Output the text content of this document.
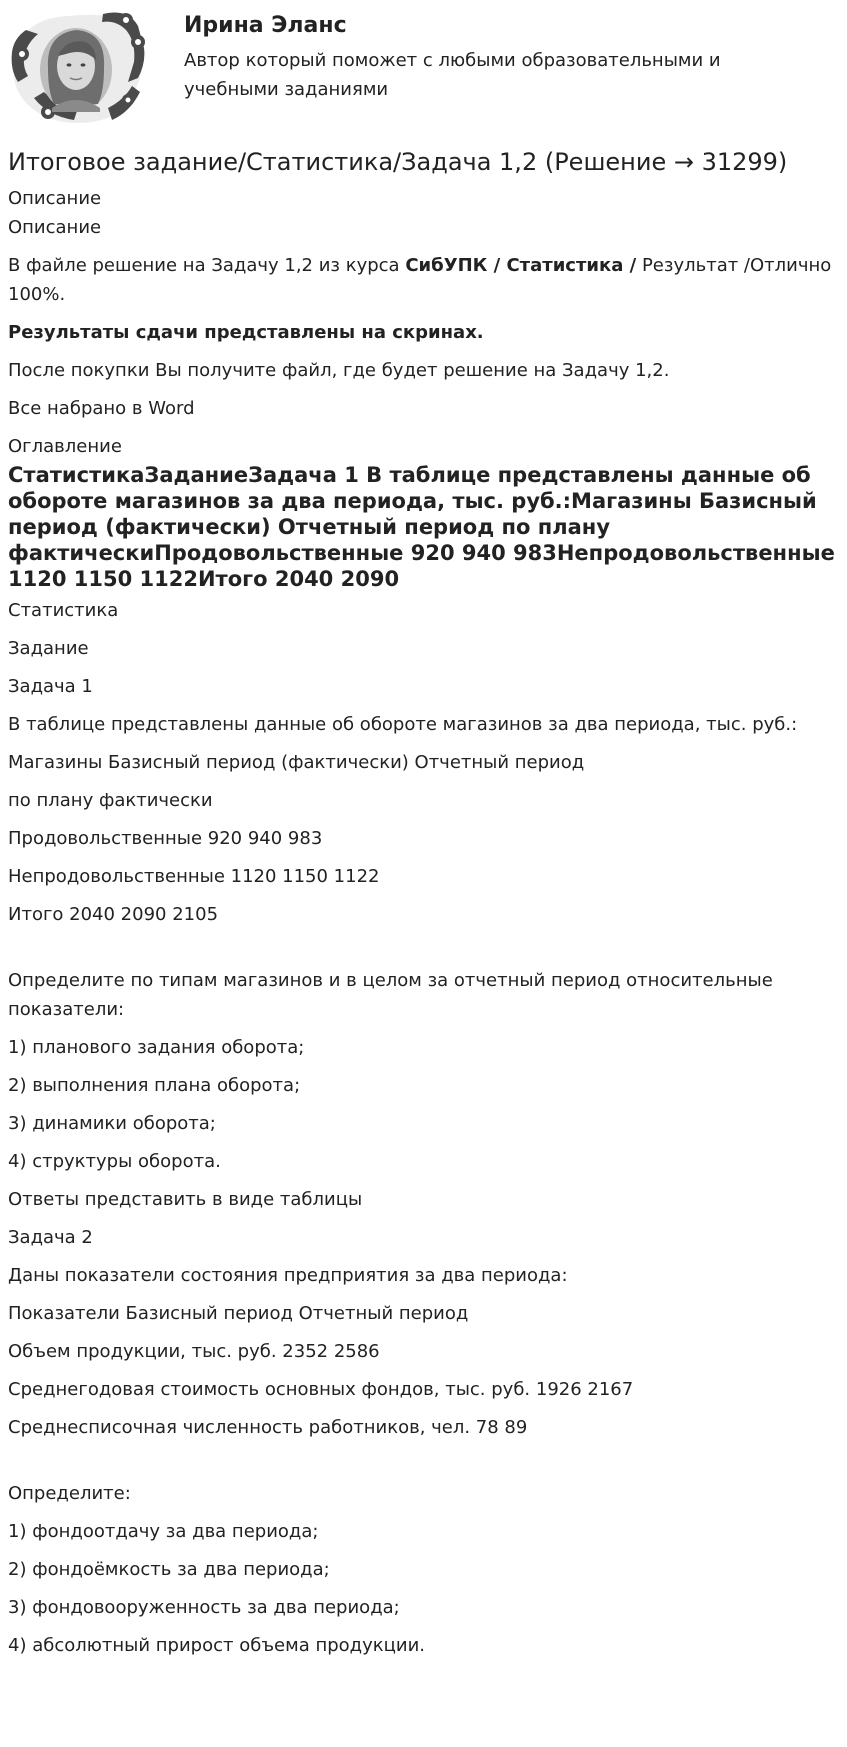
Ирина Эланс
Автор который поможет с любыми образовательными и учебными заданиями
Итоговое задание/Статистика/Задача 1,2 (Решение → 31299)

Описание

Описание

В файле решение на Задачу 1,2 из курса СибУПК / Статистика / Результат /Отлично 100%.

Результаты сдачи представлены на скринах.

После покупки Вы получите файл, где будет решение на Задачу 1,2.

Все набрано в Word

Оглавление

СтатистикаЗаданиеЗадача 1 В таблице представлены данные об обороте магазинов за два периода, тыс. руб.:Магазины Базисный период (фактически) Отчетный период по плану фактическиПродовольственные 920 940 983Непродовольственные 1120 1150 1122Итого 2040 2090

Статистика

Задание

Задача 1

В таблице представлены данные об обороте магазинов за два периода, тыс. руб.:

Магазины Базисный период (фактически) Отчетный период

по плану фактически

Продовольственные 920 940 983

Непродовольственные 1120 1150 1122

Итого 2040 2090 2105

Определите по типам магазинов и в целом за отчетный период относительные показатели:

1) планового задания оборота;

2) выполнения плана оборота;

3) динамики оборота;

4) структуры оборота.

Ответы представить в виде таблицы

Задача 2

Даны показатели состояния предприятия за два периода:

Показатели Базисный период Отчетный период

Объем продукции, тыс. руб. 2352 2586

Среднегодовая стоимость основных фондов, тыс. руб. 1926 2167

Среднесписочная численность работников, чел. 78 89

Определите:

1) фондоотдачу за два периода;

2) фондоёмкость за два периода;

3) фондовооруженность за два периода;

4) абсолютный прирост объема продукции.
